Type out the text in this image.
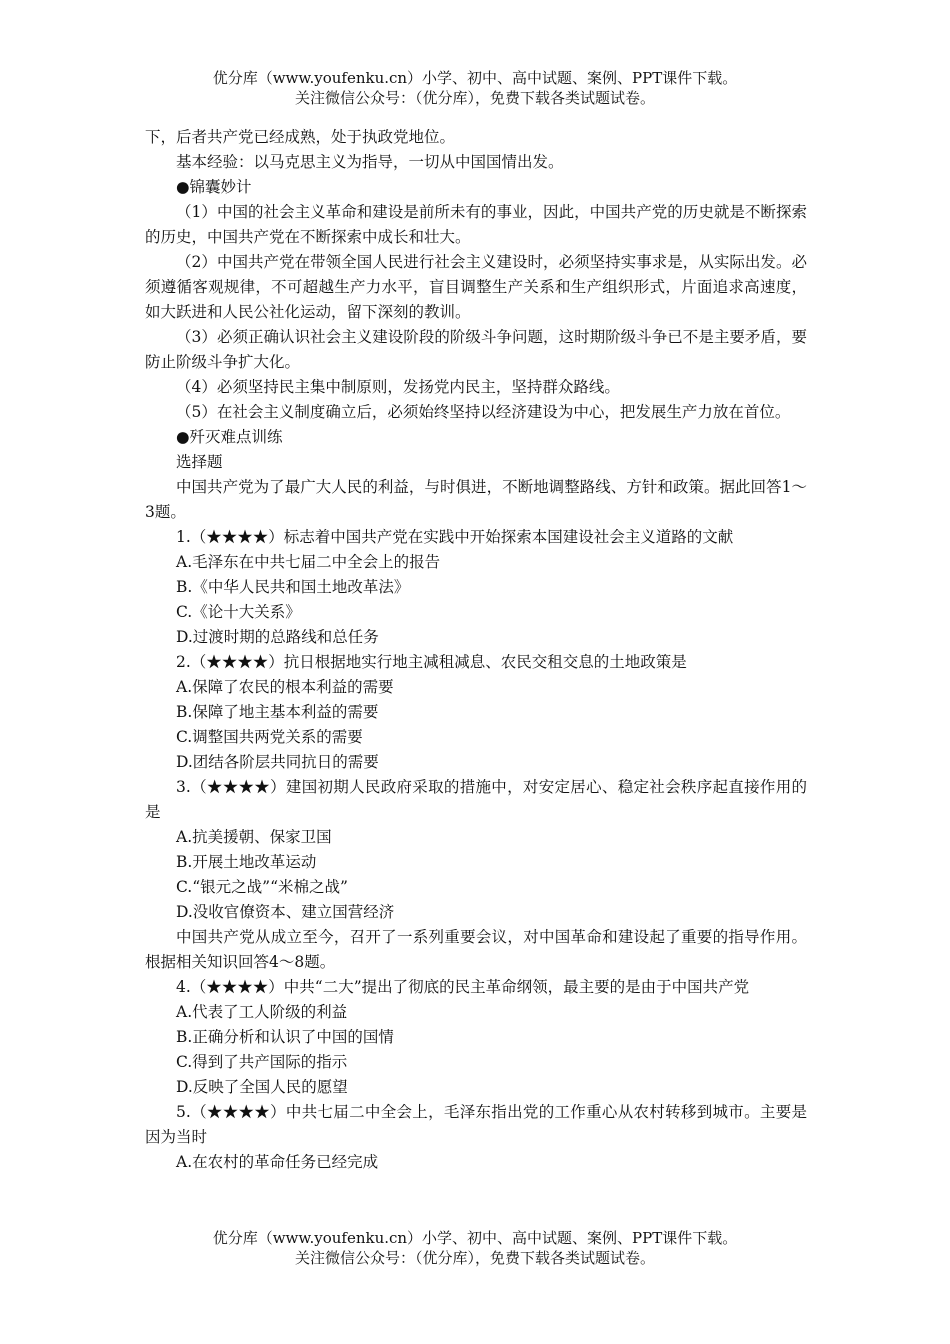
优分库（www.youfenku.cn）小学、初中、高中试题、案例、PPT课件下载。
关注微信公众号：（优分库），免费下载各类试题试卷。

下，后者共产党已经成熟，处于执政党地位。

基本经验：以马克思主义为指导，一切从中国国情出发。

● 锦囊妙计

（1）中国的社会主义革命和建设是前所未有的事业，因此，中国共产党的历史就是不断探索的历史，中国共产党在不断探索中成长和壮大。

（2）中国共产党在带领全国人民进行社会主义建设时，必须坚持实事求是，从实际出发。必须遵循客观规律，不可超越生产力水平，盲目调整生产关系和生产组织形式，片面追求高速度，如大跃进和人民公社化运动，留下深刻的教训。

（3）必须正确认识社会主义建设阶段的阶级斗争问题，这时期阶级斗争已不是主要矛盾，要防止阶级斗争扩大化。

（4）必须坚持民主集中制原则，发扬党内民主，坚持群众路线。

（5）在社会主义制度确立后，必须始终坚持以经济建设为中心，把发展生产力放在首位。

● 歼灭难点训练

选择题

中国共产党为了最广大人民的利益，与时俱进，不断地调整路线、方针和政策。据此回答1～3题。

1.（★★★★）标志着中国共产党在实践中开始探索本国建设社会主义道路的文献

A.毛泽东在中共七届二中全会上的报告

B.《中华人民共和国土地改革法》

C.《论十大关系》

D.过渡时期的总路线和总任务

2.（★★★★）抗日根据地实行地主减租减息、农民交租交息的土地政策是

A.保障了农民的根本利益的需要

B.保障了地主基本利益的需要

C.调整国共两党关系的需要

D.团结各阶层共同抗日的需要

3.（★★★★）建国初期人民政府采取的措施中，对安定居心、稳定社会秩序起直接作用的是

A.抗美援朝、保家卫国

B.开展土地改革运动

C.“银元之战”“米棉之战”

D.没收官僚资本、建立国营经济

中国共产党从成立至今，召开了一系列重要会议，对中国革命和建设起了重要的指导作用。根据相关知识回答4～8题。

4.（★★★★）中共“二大”提出了彻底的民主革命纲领，最主要的是由于中国共产党

A.代表了工人阶级的利益

B.正确分析和认识了中国的国情

C.得到了共产国际的指示

D.反映了全国人民的愿望

5.（★★★★）中共七届二中全会上，毛泽东指出党的工作重心从农村转移到城市。主要是因为当时

A.在农村的革命任务已经完成

优分库（www.youfenku.cn）小学、初中、高中试题、案例、PPT课件下载。
关注微信公众号：（优分库），免费下载各类试题试卷。
